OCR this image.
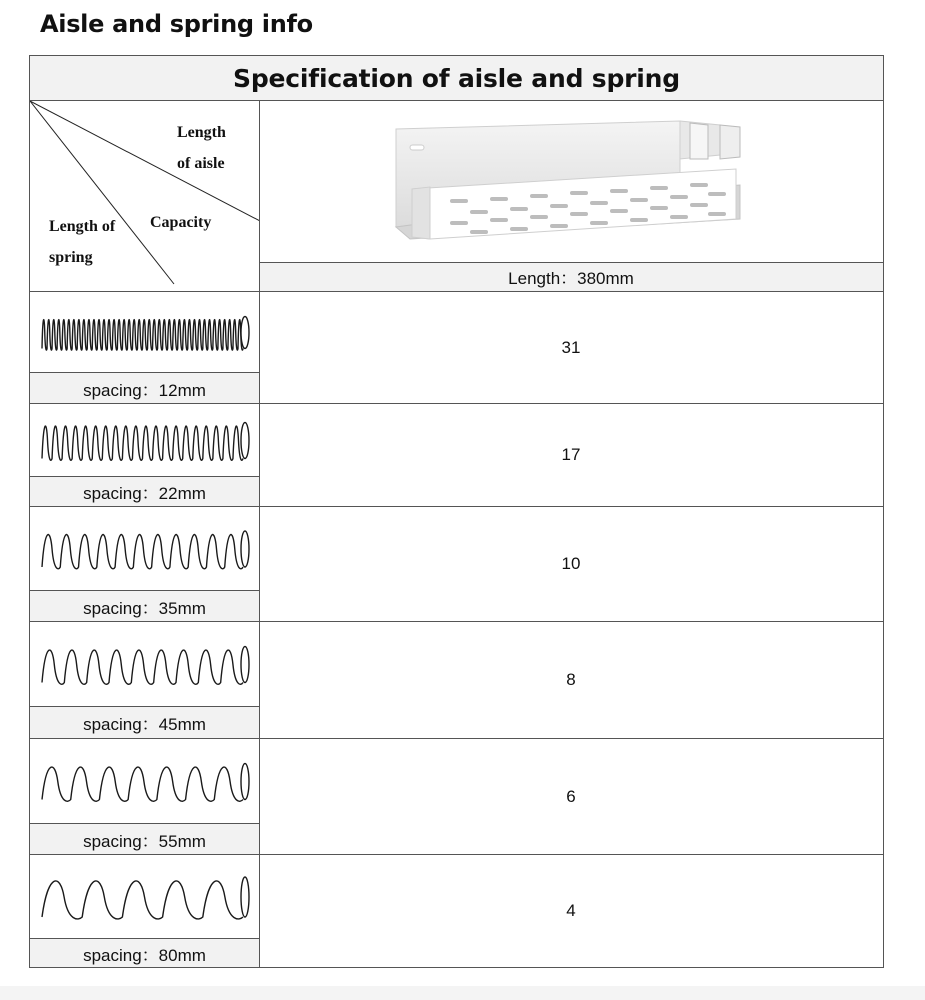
Aisle and spring info
Specification of aisle and spring
Length
of aisle
Capacity
Length of
spring
Length：380mm
spacing：12mm
31
spacing：22mm
17
spacing：35mm
10
spacing：45mm
8
spacing：55mm
6
spacing：80mm
4
